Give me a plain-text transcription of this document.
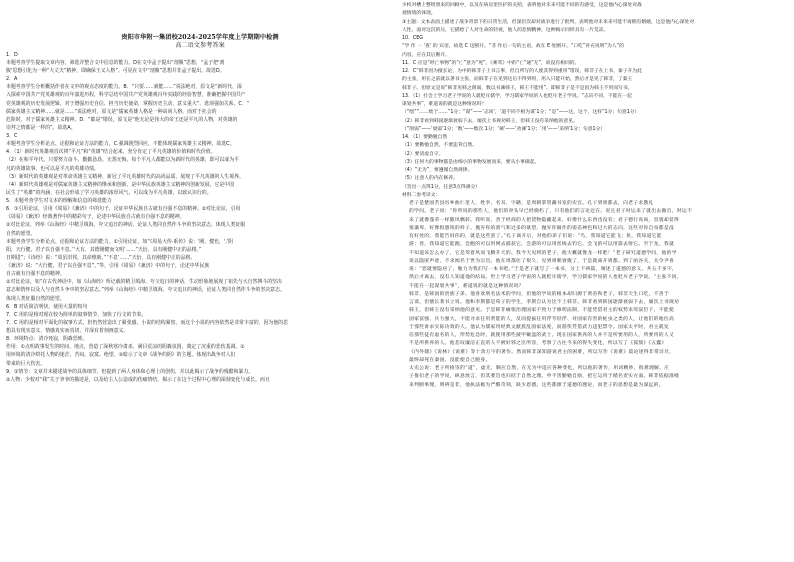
贵阳市华附一集团校2024-2025学年度上学期期中检测
高二语文参考答案
1．D
本题考查学生提取文章内容，筛选并整合文中信息的能力。D在文中孟子提出“剖腹”思想，“孟子把‘剖
腹’思想引化为一种“大丈夫”精神，即确保王义人格”。可见在文中“剖腹”思想并非孟子提出。故选D。
2．A
本题考查学生分析概括作者在文中的观点态度的能力。B．“只要……就能……”说法绝对，原文是“新时代，深
入探索中国共产党英雄观的百年演进历程，科学总结中国共产党英雄观百年实践的经验智慧，准确把握中国共产
党英雄观的历史发展逻辑，对于增强历史自信、担当历史使命，掌握历史主动，意义重大”，选项强加关系。C．“
儒家英雄主义精神……就是……”说法绝对，原文是“儒家英雄人格是一种高尚人格，而对于社会的
危险时，对于儒家英雄主义精神。D．“都是”错误，原文是“他无论是伟大的帝王还是平凡的人物，对英雄的
崇拜之情都是一样的”。故选A。
3．C
本题考查学生分析论点、论据和论证方法的能力。C.强调剧烈回应，不能体现儒家英雄主义精神。故选C。
4．（1）新时代英雄观首次将“平凡”和“英雄”结合起来，充分肯定了平凡英雄的价值和时代价值。
（2）在和平年代，只要努力奋斗、勤勤恳恳、无怨无悔，每个平凡人都能以为新时代的英雄，即可以成为平
凡的英雄故事，也可以是平凡的英雄功绩。
（3）新时代的英雄观是对革命英雄主义精神，新冠了平凡英雄时代的高尚品质，展现了平凡英雄的人生境界。
（4）新时代英雄观是对儒家英雄主义精神的继承和创新，是中华民族英雄主义精神的创新发展，它是中国
民生了“英雄”的内涵，在社会形成了学习英雄的浓厚风气，可以成为平凡英雄，以致认识行的。
5．本题考查学生对文本的理解和信息的筛选能力
6．①引用论证，引用《周易》《兼济》中的句子，论证中华民族自古就有自强不息的精神。②对比论证，引用
《周易》《兼济》经典著作中的精彩句子，论述中华民族自古就有自强不息的精神。
②对比论证，列举《山海经》中精卫填海、夸父追日的神话，论证人类同自然作斗争的坚决意志，体现人类征服
自然的愿望。
本题考查学生分析论点、论据和论证方法的能力。①引用论证，如“《周易大传·系传》说：‘刚，健也，','阴
阳，天行健，君子以自强不息。’‘大有，其德刚健而文明’……”天衍，具有刚健中正的品格。”
日期进”；《诗经》说：“周虽旧邦，其命维新。”‘不息’……”天衍，具有刚健中正的品格。
《兼济》说：“大行健，君子以自强不息”。”等，引用《周易》《兼济》中的句子，论述中华民族
自古就有自强不息的精神。
②对比论证，如“在古代神话中，如《山海经》所记载的精卫填海、夸父追日的神话，生动形象地展现了祖先与大自然搏斗的坚决
意志和情怀以及人与自然斗争中的坚忍意志。”列举《山海经》中精卫填海、夸父追日的神话，论证人类同自然作斗争的坚决意志。
体现人类征服自然的愿望。
6．B 对话简洁明快，使用大量的短句
7．C 用的是相对现在较为简单的叙事情节，加快了行文的节奏。
7．C 用的是相对平面化的叙事方式，但仍然营造出了紧张感，小说的结构紧密。而这个小说的内容依然是非常丰富的，因为他的思
想具有现实意义，情感真实而真切，并深有着刻画意义。
8．环境特点：清冷死寂，阴森恐怖。
作用：①点明故事发生的时间、地点，营造了深秋寒冷肃杀、满目荒凉的阴森氛围，奠定了沉重的悲伤基调。②
用环境的清冷烘托人物的迷茫、苦闷、寂寞、绝望。③暗示了文章《战争的阴》的主题，体现出战争对人们
带来的巨大伤害。
9．①情节：文章并未描述战争的具体细节，但提到了两人身体和心理上的创伤，并以此揭示了战争的残酷和暴力。
②人物：少校对“我”关于爷爷的描述是，以及给主人公造成的伤痛情结，揭示了在这个过程中心理的深刻变化与成长。而且
少校对槽上整组照来的回顾中，以及在病房里医护的关照，表明他对未来可能不同的有感受，这是他内心深处对战
观情境的体现。
③主题：文本表面上描述了战争背景下的日常生活，但深层次却对战争进行了批判，表明他对未来来可能不再拥有婚姻，这是他内心深处对
人性。面对这沉的压，它描绘了人对生命的轻视，他人的悲悯精神，这种揭示同样具有一片荒凉。
10．CEG
“学 作 一 ‘查’ 的 宾语，故选 C 这断开。“非 作后一句的主语，故在 E 处断开。“口吃”补充说明“为人”的
内容，应在其后断开。
11．C 应是“经亡事物”的“亡”意为“死”，《乘驾》中的“亡”通“无”，故没有相同的。
12．C“韩非因为擅长论，为中的韩非子上书言事，但自所写的人使其得到重用”错误，韩非子在上书，秦子开为此
的主张，用在之前就以著书主张，而韩非子在见到这后不得到用，用入只能开始，然后才是见了韩非，了秦王
韩非子。但原文是说“韩非见韩之削弱，数以书谏韩王，韩王不能用”。即韩非子是不是因为韩王不用而写书。
13．（1）社会上学习老子学说的人就贬斥儒学，学习儒家学说的人也贬斥老子学说。“志向不同，不能在一起
谋划共事”，难道说的就是这种情况吗？
（“绌”“……绌于……”1分；“谋”——‘志同’，‘道不同不相为谋’1分；“是”——这，这个，这样”1分；句意1分）
（2）韩非看到韩国逐渐衰弱下去，屡次上书规劝韩王，但韩王没有采纳他的意见。
（“削弱”——‘衰弱’1分；‘数’——数次 1分；‘谏’——‘劝谏’1分；‘用’——‘采纳’1分；句意1分）
14．（1）要勤勉自然
（1）要勤勉自然，不要违背自然。
（2）要清虚自守。
（3）任何大的事物都是由细小的事物发展而来，要从小事做起。
（4）“无为”，要遵循自然规律。
（5）注意人的内在修养。
（答出一点得1分，任意3点得满分）
材料二参考译文：
老子是楚国苦县厉乡曲仁里人，姓李，名耳，字聃，是周朝掌管藏书室的史官。孔子到周都去，向老子求教礼
的学问。老子说：“你所说的那些人，他们的骨头早已经腐朽了，只有他们的言论还在。况且君子时运来了就出去做官，时运不
来了就像蓬草一样随风飘转。我听说，善于经商的人把货物隐藏起来，好像什么东西也没有；君子德行高尚，容貌却显得
很谦卑，好像很愚钝的样子。抛弃你的骄气和过多的欲望，抛弃你做作的姿态神色和过大的志向，这些对你自身都是没
有好处的。我能告诉你的，就是这些罢了。”孔子离开后，对他的弟子们说：“鸟，我知道它能飞；鱼，我知道它能
游；兽，我知道它能跑。会跑的可以用网去捕获它，会游的可以用丝线去钓它，会飞的可以用箭去射它。至于龙，我就
不知道该怎么办了，它是驾着风而飞腾升天的。我今天见到的老子，他大概就像龙一样吧！”老子研究道德学问，他的学
说以隐匿声迹、不求闻名于世为宗旨。他在周都住了很久，见到周朝衰微了，于是就离开周都。到了函谷关，关令尹喜
说：“您就要隐居了，勉力为我们写一本书吧。”于是老子就写了一本书，分上下两篇，阐述了道德的意义，共五千多字，
然后才离去，没有人知道他的结局。世上学习老子学说的人就贬斥儒学，学习儒家学说的人也贬斥老子学说。“主张不同，
不能在一起谋划共事”，难道说的就是这种情况吗？
韩非，是韩国的贵族子弟。他喜欢刑名法术的学问，但他的学说的根本却归源于黄帝和老子。韩非天生口吃，不善于
言谈，但擅长著书立说。他和李斯都是荀子的学生，李斯自认为比不上韩非。韩非看到韩国逐渐衰弱下去，屡次上书规劝
韩王，但韩王没有采纳他的意见。于是韩非痛恨治理国家不致力于修明法制，不能凭借君主的权势来驾驭臣下，不能使
国家富强、兵力强大，不能寻求任用贤能的人，反而提拔任用浮夸轻浮、对国家有害的蛀虫之类的人，让他们的地位高
于那些讲求实际功效的人。他认为儒家用经典文献扰乱国家法度，而游侠凭借武力违犯禁令。国家太平时，君主就宠
信那些徒有虚名的人，形势危急时，就使用那些披甲戴盔的武士。现在国家供养的人并不是所要用的人，所要用的人又
不是所供养的人。他悲叹廉洁正直的人不被奸邪之臣所容，考察了古往今来的得失变化，所以写了《孤愤》《五蠹》
《内外储》《说林》《说难》等十余万字的著作。然而韩非深知游说君主的困难，所以写作《说难》篇论述得非常详尽，
最终却死在秦国，没能使自己脱身。
太史公说：老子所推崇的“道”，虚无，顺应自然，在无为中适应各种变化，所以他的著作，用词精妙，很难理解。庄
子推衍老子的学说，纵意放言，但其要旨也归结于自然之理。申不害勤勉自励，把它运用于循名责实方面。韩非依据准绳
来判断事理，明辨是非，他执法极为严酷苛刻，缺少恩德。这些都源于道德的理论，而老子的思想是最为深远的。
